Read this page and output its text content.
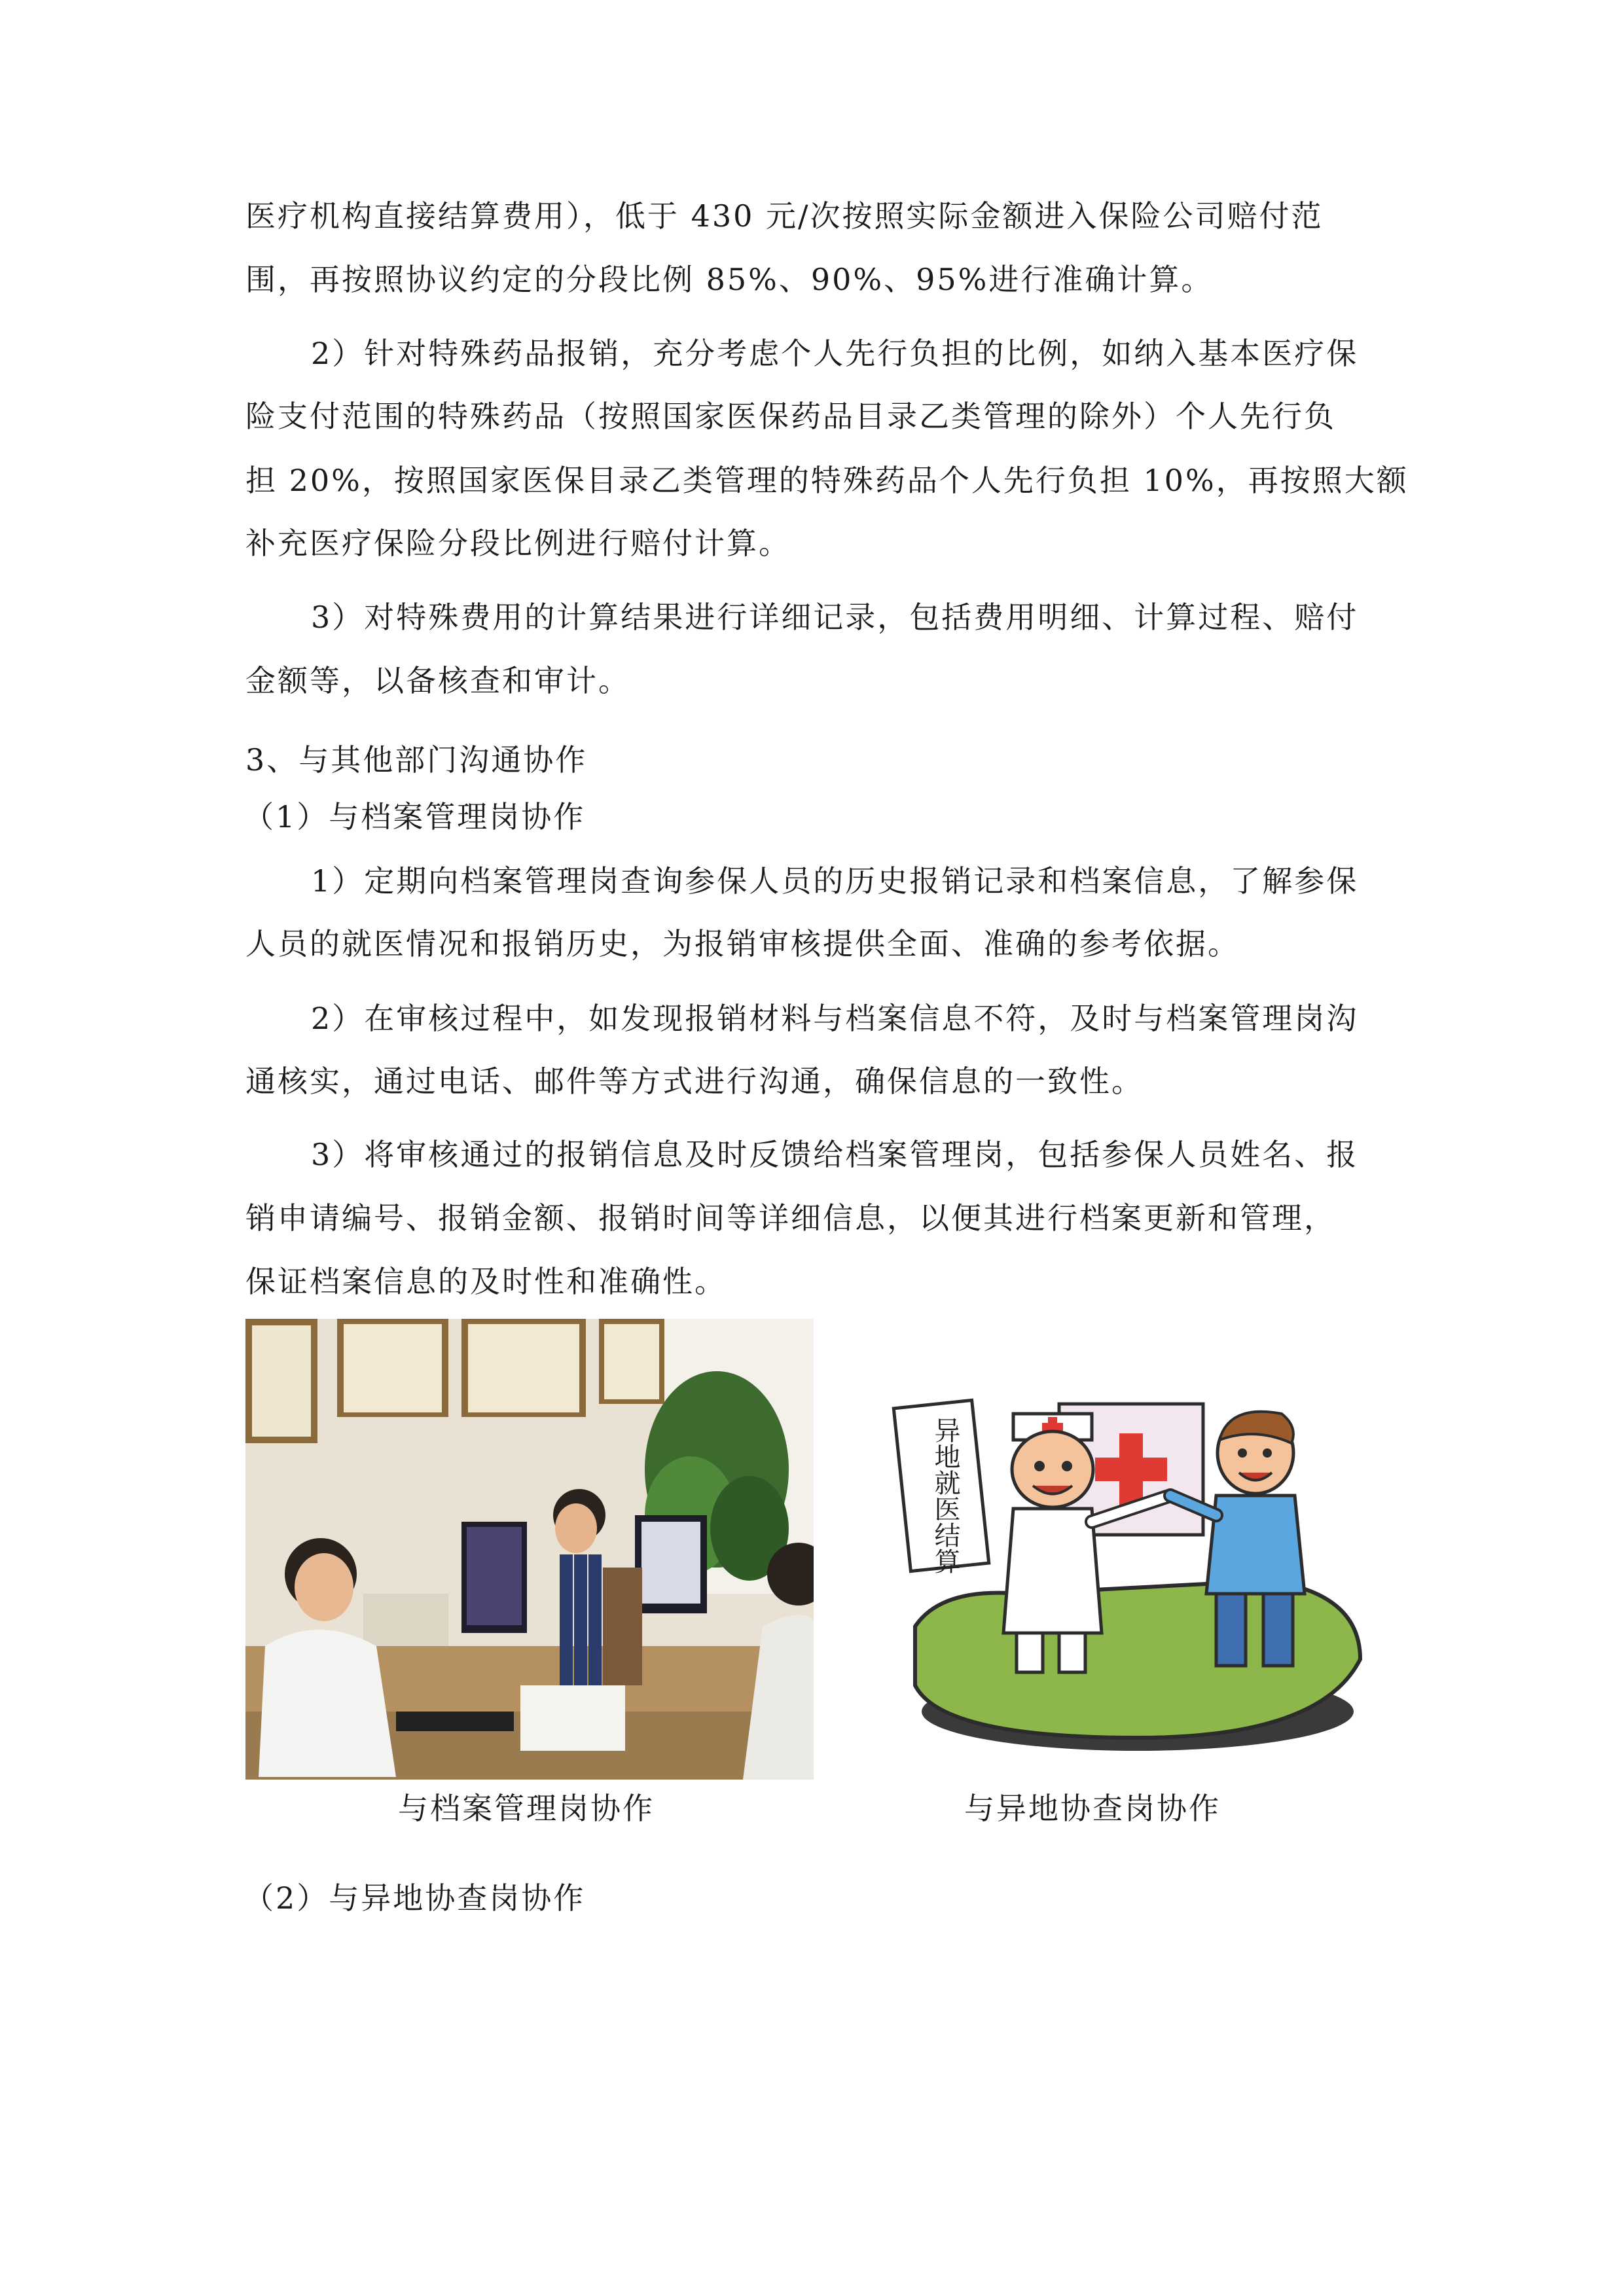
医疗机构直接结算费用），低于 430 元/次按照实际金额进入保险公司赔付范
围，再按照协议约定的分段比例 85%、90%、95%进行准确计算。
2）针对特殊药品报销，充分考虑个人先行负担的比例，如纳入基本医疗保
险支付范围的特殊药品（按照国家医保药品目录乙类管理的除外）个人先行负
担 20%，按照国家医保目录乙类管理的特殊药品个人先行负担 10%，再按照大额
补充医疗保险分段比例进行赔付计算。
3）对特殊费用的计算结果进行详细记录，包括费用明细、计算过程、赔付
金额等，以备核查和审计。
3、与其他部门沟通协作
（1）与档案管理岗协作
1）定期向档案管理岗查询参保人员的历史报销记录和档案信息，了解参保
人员的就医情况和报销历史，为报销审核提供全面、准确的参考依据。
2）在审核过程中，如发现报销材料与档案信息不符，及时与档案管理岗沟
通核实，通过电话、邮件等方式进行沟通，确保信息的一致性。
3）将审核通过的报销信息及时反馈给档案管理岗，包括参保人员姓名、报
销申请编号、报销金额、报销时间等详细信息，以便其进行档案更新和管理，
保证档案信息的及时性和准确性。
异地就医结算
与档案管理岗协作	与异地协查岗协作
（2）与异地协查岗协作
